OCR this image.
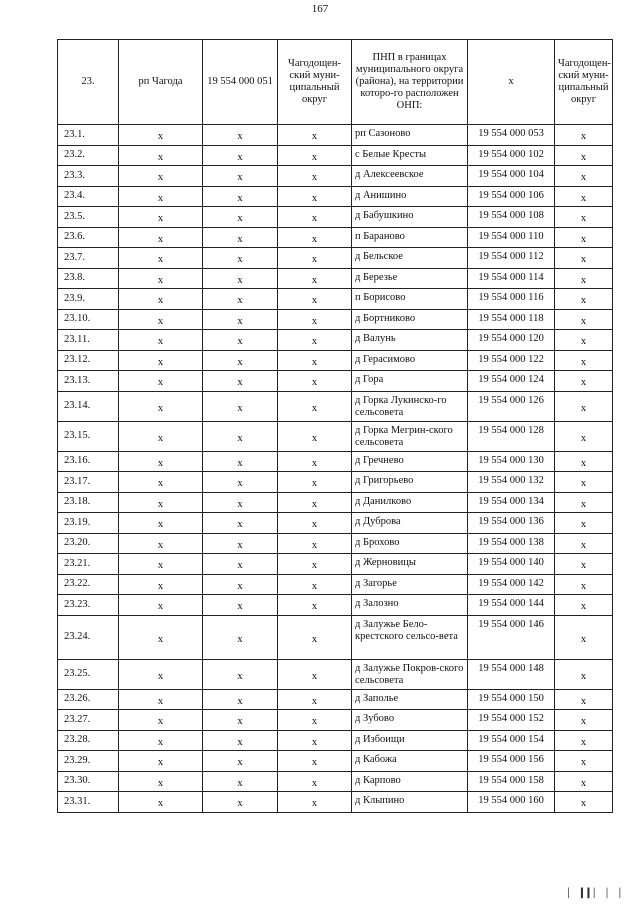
167
23.	рп Чагода	19 554 000 051	Чагодощен-ский муни-ципальный округ	ПНП в границах муниципального округа (района), на территории которо-го расположен ОНП:	х	Чагодощен-ский муни-ципальный округ
23.1.	х	х	х	рп Сазоново	19 554 000 053	х
23.2.	х	х	х	с Белые Кресты	19 554 000 102	х
23.3.	х	х	х	д Алексеевское	19 554 000 104	х
23.4.	х	х	х	д Анишино	19 554 000 106	х
23.5.	х	х	х	д Бабушкино	19 554 000 108	х
23.6.	х	х	х	п Бараново	19 554 000 110	х
23.7.	х	х	х	д Бельское	19 554 000 112	х
23.8.	х	х	х	д Березье	19 554 000 114	х
23.9.	х	х	х	п Борисово	19 554 000 116	х
23.10.	х	х	х	д Бортниково	19 554 000 118	х
23.11.	х	х	х	д Валунь	19 554 000 120	х
23.12.	х	х	х	д Герасимово	19 554 000 122	х
23.13.	х	х	х	д Гора	19 554 000 124	х
23.14.	х	х	х	д Горка Лукинско-го сельсовета	19 554 000 126	х
23.15.	х	х	х	д Горка Мегрин-ского сельсовета	19 554 000 128	х
23.16.	х	х	х	д Гречнево	19 554 000 130	х
23.17.	х	х	х	д Григорьево	19 554 000 132	х
23.18.	х	х	х	д Данилково	19 554 000 134	х
23.19.	х	х	х	д Дуброва	19 554 000 136	х
23.20.	х	х	х	д Брохово	19 554 000 138	х
23.21.	х	х	х	д Жерновицы	19 554 000 140	х
23.22.	х	х	х	д Загорье	19 554 000 142	х
23.23.	х	х	х	д Залозно	19 554 000 144	х
23.24.	х	х	х	д Залужье Бело-крестского сельсо-вета	19 554 000 146	х
23.25.	х	х	х	д Залужье Покров-ского сельсовета	19 554 000 148	х
23.26.	х	х	х	д Заполье	19 554 000 150	х
23.27.	х	х	х	д Зубово	19 554 000 152	х
23.28.	х	х	х	д Избоищи	19 554 000 154	х
23.29.	х	х	х	д Кабожа	19 554 000 156	х
23.30.	х	х	х	д Карпово	19 554 000 158	х
23.31.	х	х	х	д Клыпино	19 554 000 160	х
▏ ▍▍▏ ▏ ▏
